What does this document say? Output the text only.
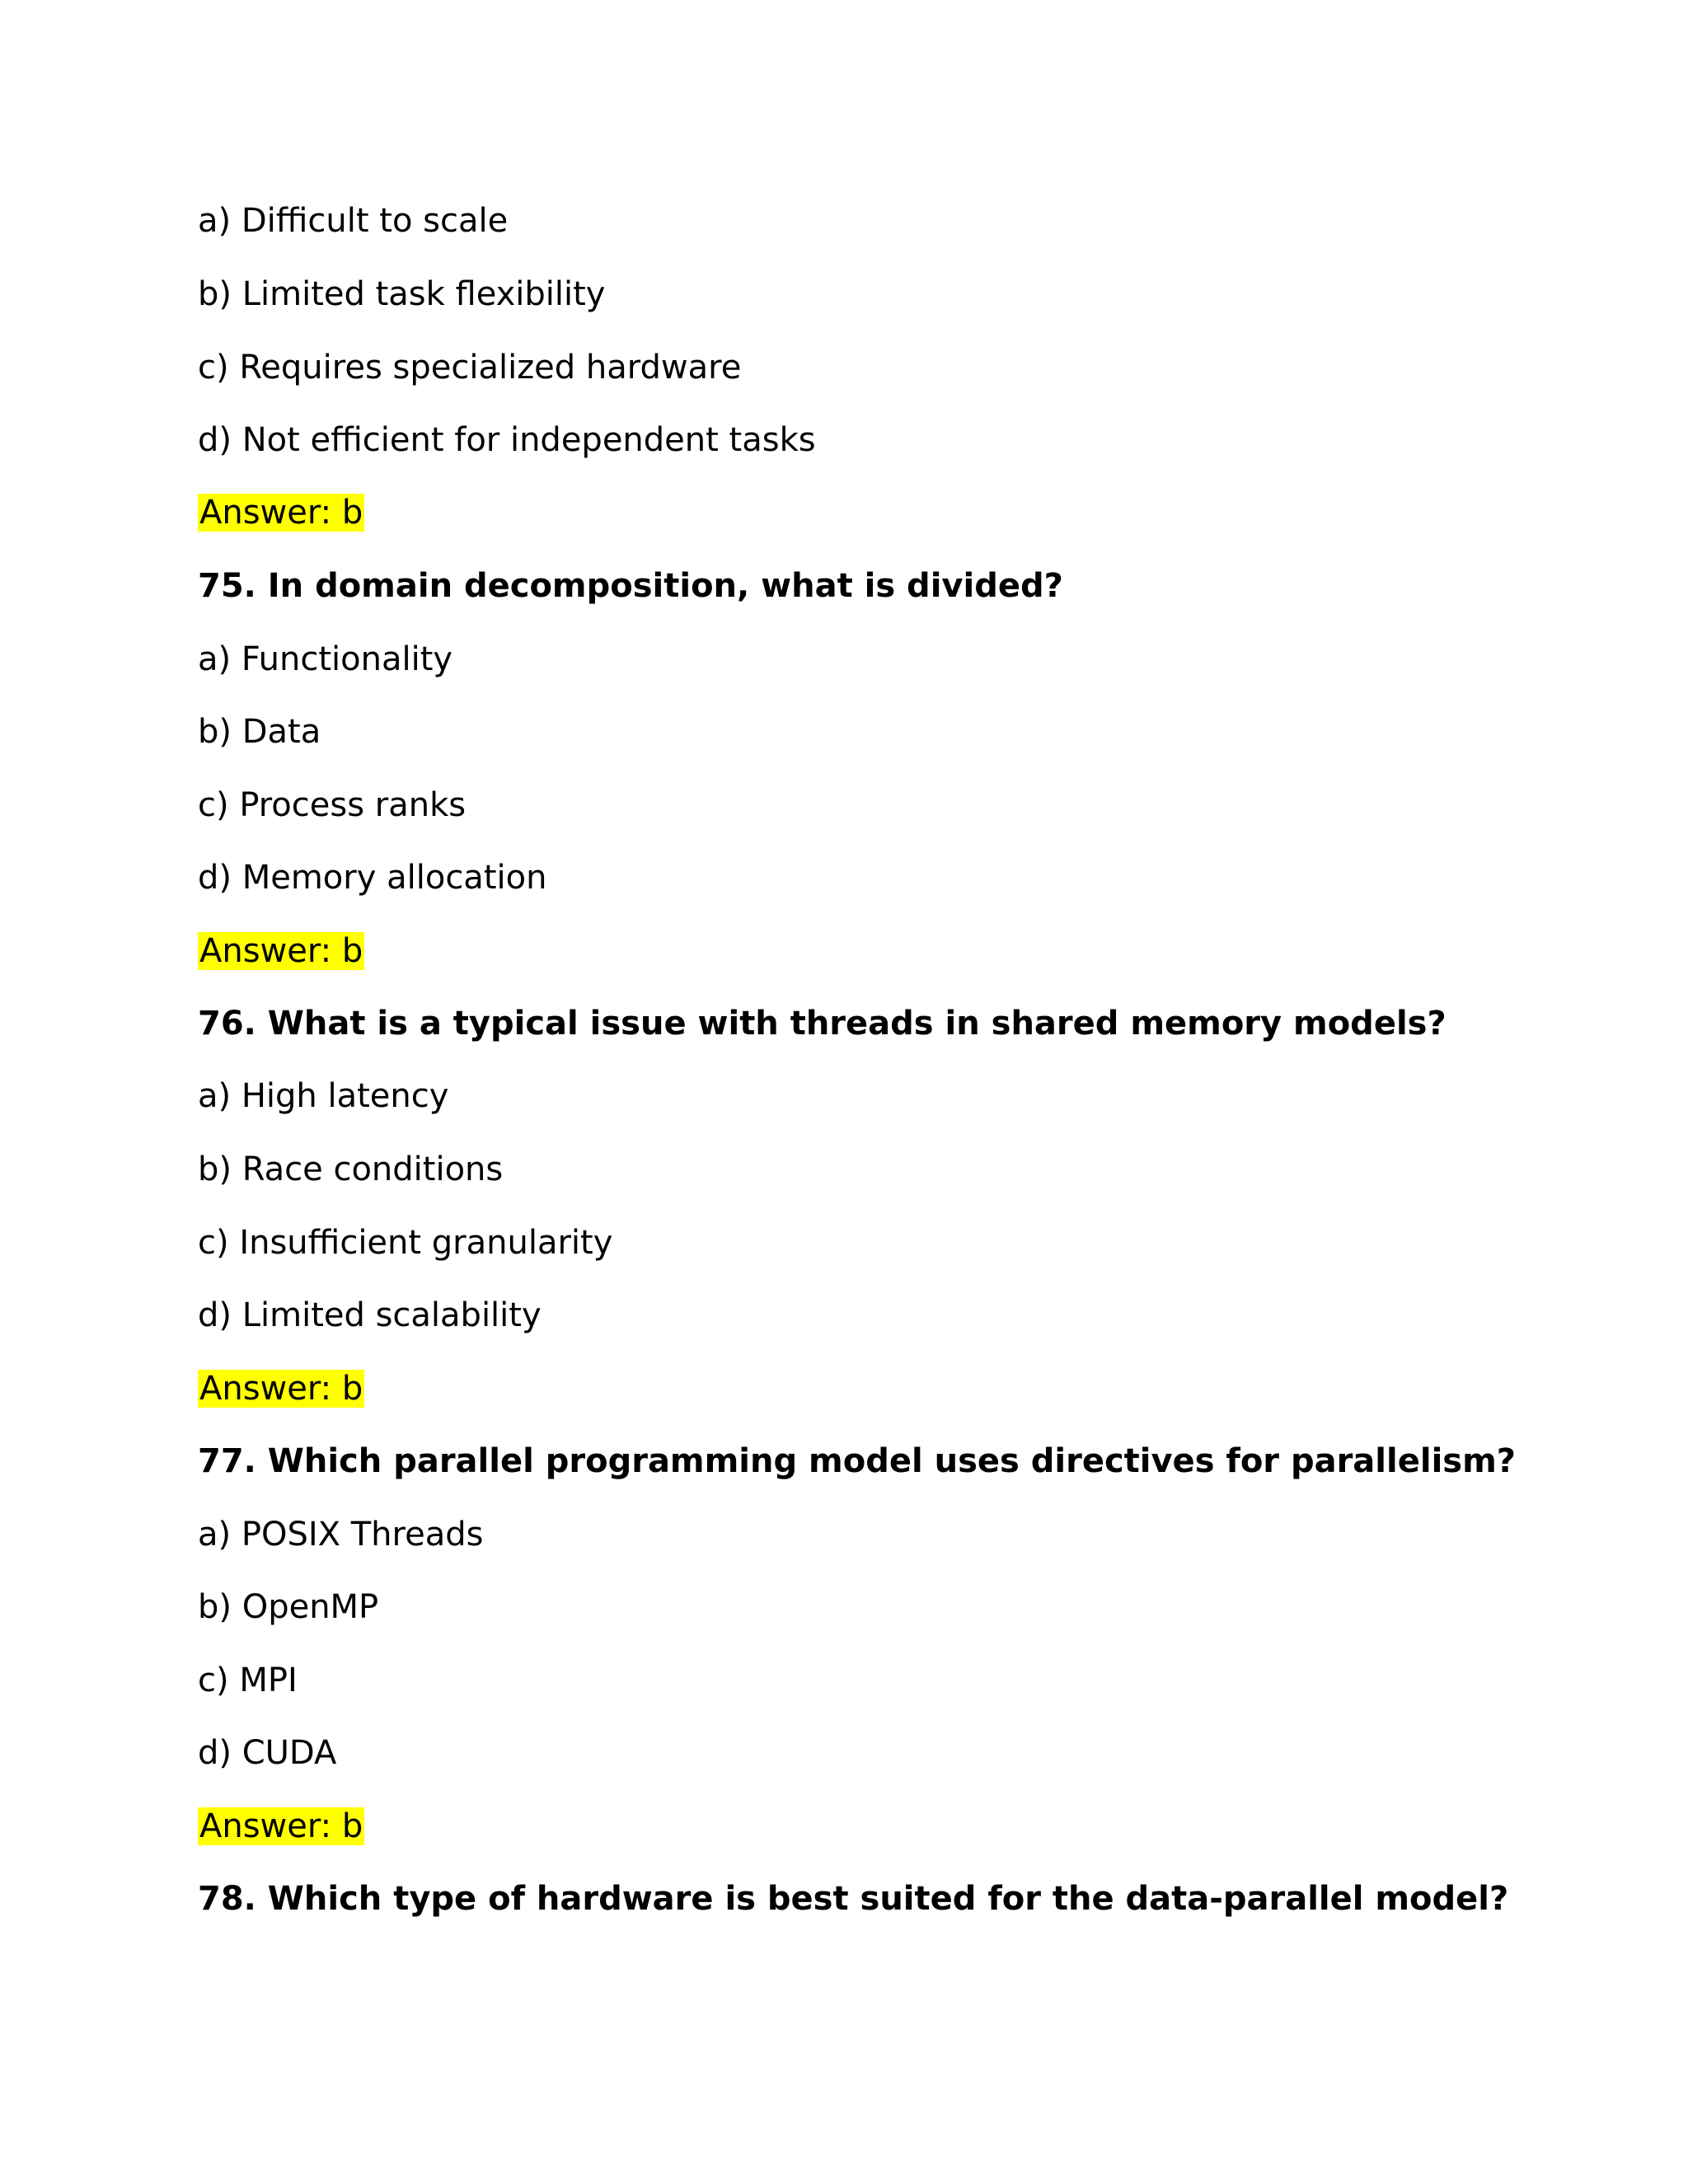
a) Difficult to scale
b) Limited task flexibility
c) Requires specialized hardware
d) Not efficient for independent tasks
Answer: b
75. In domain decomposition, what is divided?
a) Functionality
b) Data
c) Process ranks
d) Memory allocation
Answer: b
76. What is a typical issue with threads in shared memory models?
a) High latency
b) Race conditions
c) Insufficient granularity
d) Limited scalability
Answer: b
77. Which parallel programming model uses directives for parallelism?
a) POSIX Threads
b) OpenMP
c) MPI
d) CUDA
Answer: b
78. Which type of hardware is best suited for the data-parallel model?
